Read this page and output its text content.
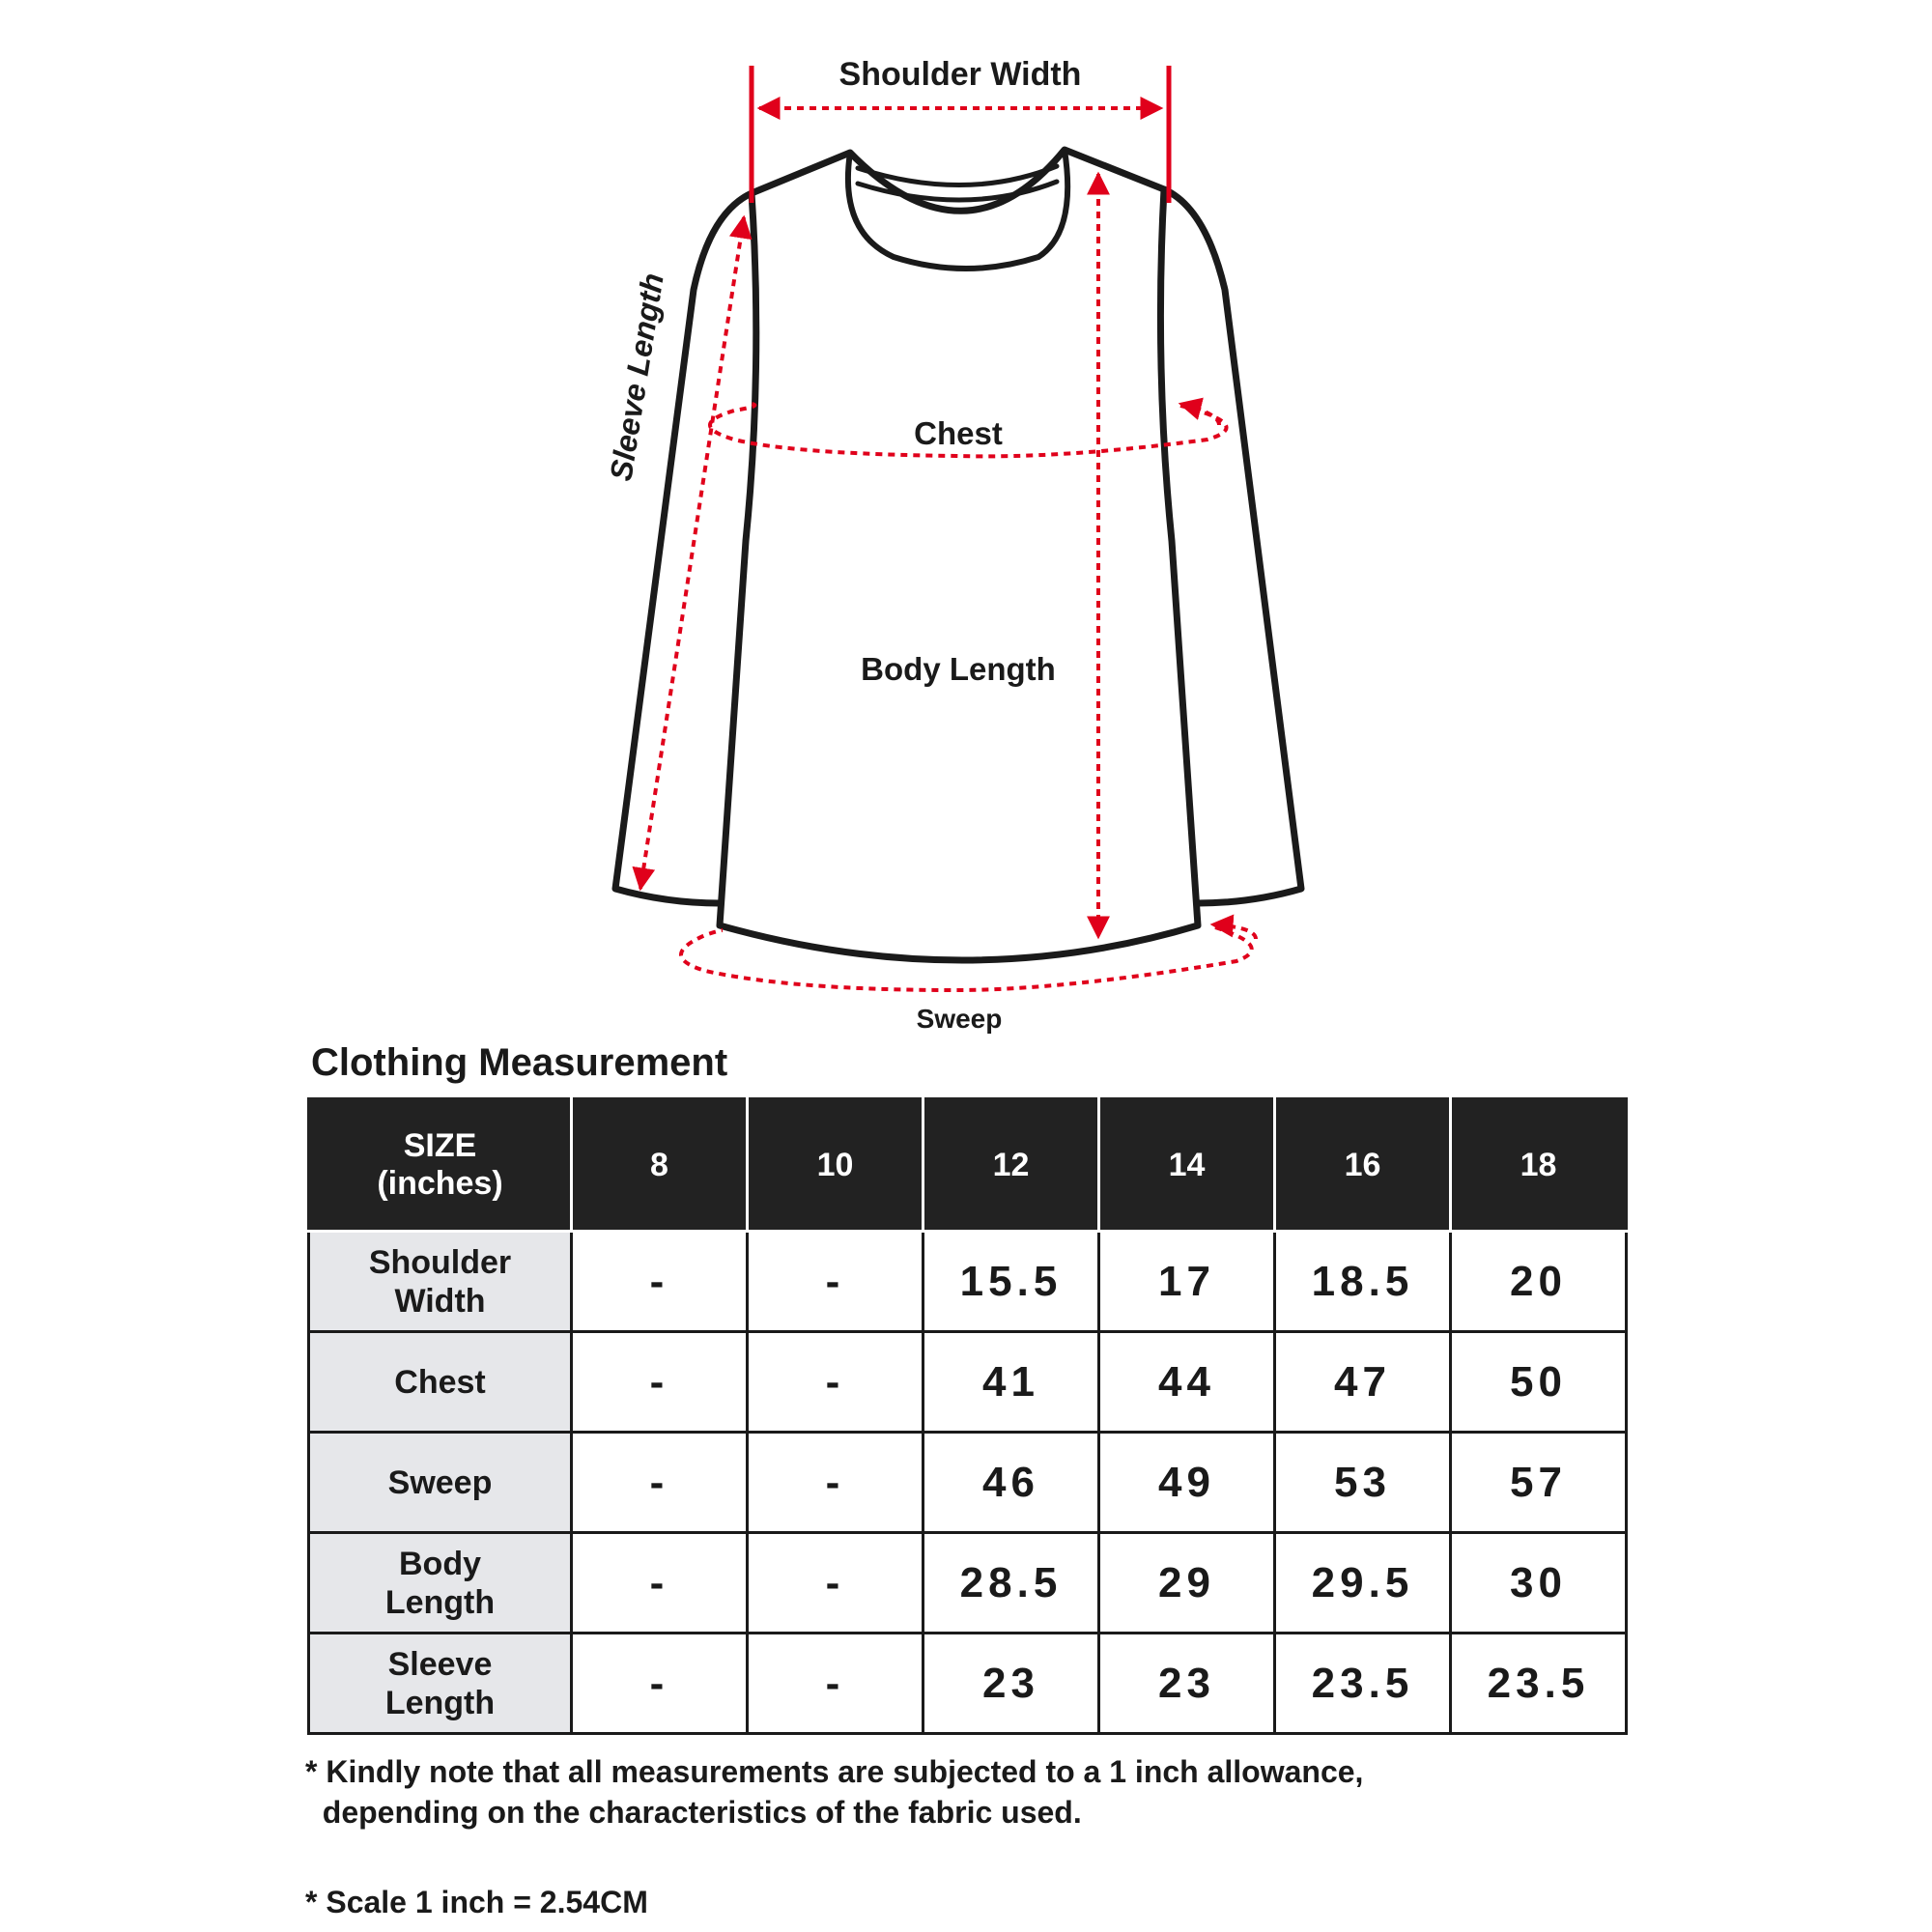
Shoulder Width
Sleeve Length	Chest
Body Length
Sweep
Clothing Measurement
SIZE
(inches)	8	10	12	14	16	18
Shoulder
Width	-	-	15.5	17	18.5	20
Chest	-	-	41	44	47	50
Sweep	-	-	46	49	53	57
Body
Length	-	-	28.5	29	29.5	30
Sleeve
Length	-	-	23	23	23.5	23.5
* Kindly note that all measurements are subjected to a 1 inch allowance,
depending on the characteristics of the fabric used.
* Scale 1 inch = 2.54CM
